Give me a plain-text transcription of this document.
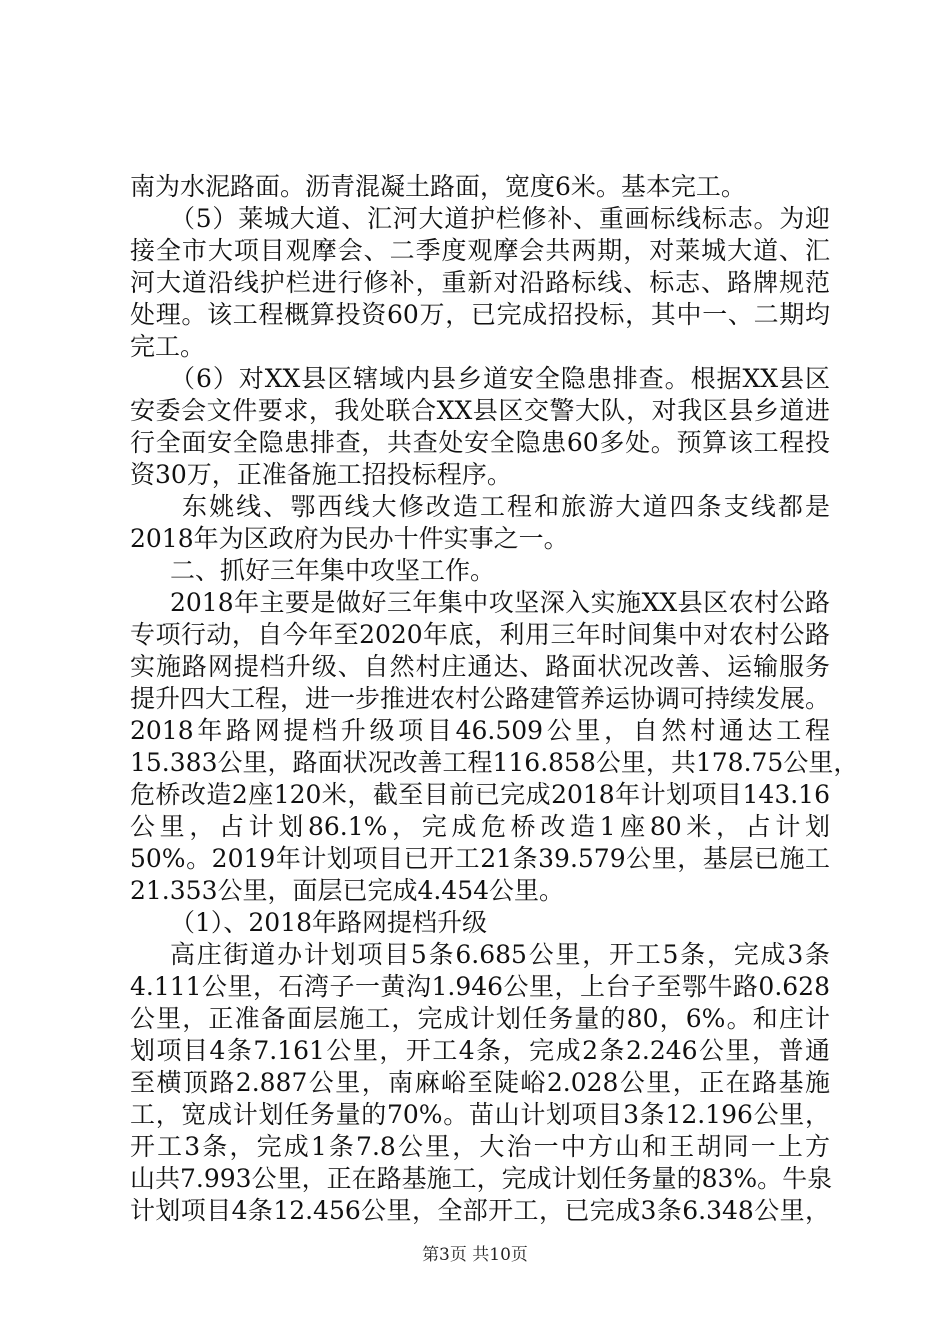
南为水泥路面。沥青混凝土路面，宽度6米。基本完工。
（5）莱城大道、汇河大道护栏修补、重画标线标志。为迎
接全市大项目观摩会、二季度观摩会共两期，对莱城大道、汇
河大道沿线护栏进行修补，重新对沿路标线、标志、路牌规范
处理。该工程概算投资60万，已完成招投标，其中一、二期均
完工。
（6）对XX县区辖域内县乡道安全隐患排查。根据XX县区
安委会文件要求，我处联合XX县区交警大队，对我区县乡道进
行全面安全隐患排查，共查处安全隐患60多处。预算该工程投
资30万，正准备施工招投标程序。
东姚线、鄂西线大修改造工程和旅游大道四条支线都是
2018年为区政府为民办十件实事之一。
二、抓好三年集中攻坚工作。
2018年主要是做好三年集中攻坚深入实施XX县区农村公路
专项行动，自今年至2020年底，利用三年时间集中对农村公路
实施路网提档升级、自然村庄通达、路面状况改善、运输服务
提升四大工程，进一步推进农村公路建管养运协调可持续发展。
2018年路网提档升级项目46.509公里，自然村通达工程
15.383公里，路面状况改善工程116.858公里，共178.75公里，
危桥改造2座120米，截至目前已完成2018年计划项目143.16
公里，占计划86.1%，完成危桥改造1座80米，占计划
50%。2019年计划项目已开工21条39.579公里，基层已施工
21.353公里，面层已完成4.454公里。
（1）、2018年路网提档升级
高庄街道办计划项目5条6.685公里，开工5条，完成3条
4.111公里，石湾子一黄沟1.946公里，上台子至鄂牛路0.628
公里，正准备面层施工，完成计划任务量的80，6%。和庄计
划项目4条7.161公里，开工4条，完成2条2.246公里，普通
至横顶路2.887公里，南麻峪至陡峪2.028公里，正在路基施
工，宽成计划任务量的70%。苗山计划项目3条12.196公里，
开工3条，完成1条7.8公里，大治一中方山和王胡同一上方
山共7.993公里，正在路基施工，完成计划任务量的83%。牛泉
计划项目4条12.456公里，全部开工，已完成3条6.348公里，
第3页 共10页
